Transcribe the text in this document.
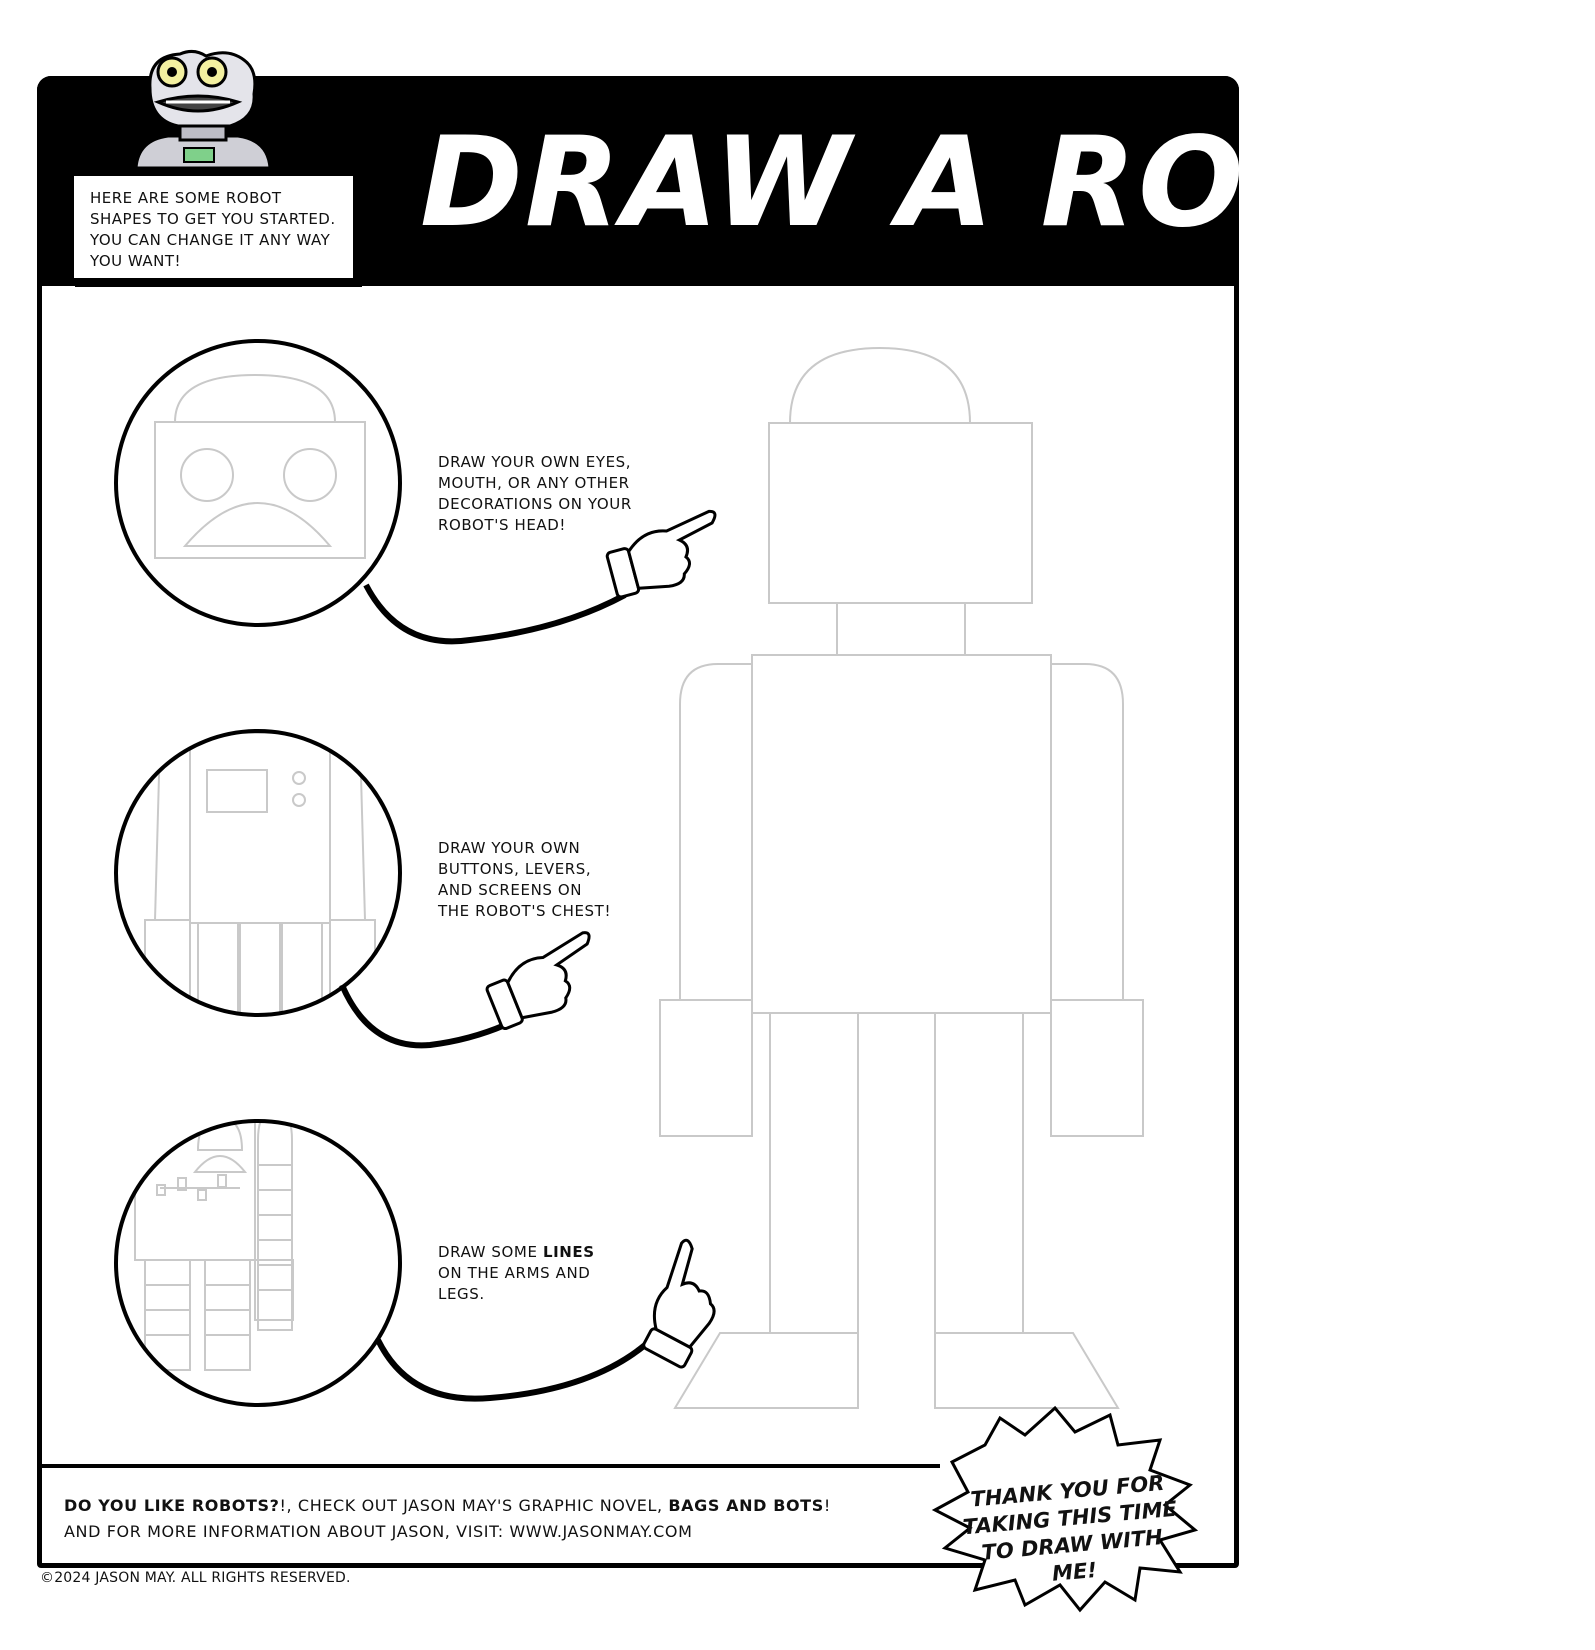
HERE ARE SOME ROBOT SHAPES TO GET YOU STARTED. YOU CAN CHANGE IT ANY WAY YOU WANT!
DRAW A ROBOT!
DRAW YOUR OWN EYES, MOUTH, OR ANY OTHER DECORATIONS ON YOUR ROBOT'S HEAD!
DRAW YOUR OWN BUTTONS, LEVERS, AND SCREENS ON THE ROBOT'S CHEST!
DRAW SOME LINES ON THE ARMS AND LEGS.
DO YOU LIKE ROBOTS?!, CHECK OUT JASON MAY'S GRAPHIC NOVEL, BAGS AND BOTS!
AND FOR MORE INFORMATION ABOUT JASON, VISIT: WWW.JASONMAY.COM
THANK YOU FOR TAKING THIS TIME TO DRAW WITH ME!
©2024 JASON MAY. ALL RIGHTS RESERVED.
